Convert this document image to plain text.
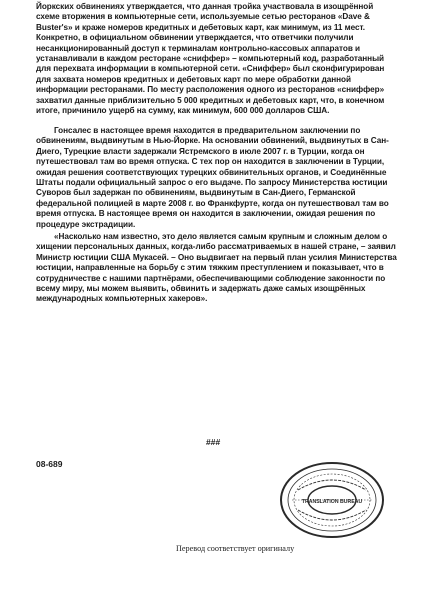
Йоркских обвинениях утверждается, что данная тройка участвовала в изощрённой схеме вторжения в компьютерные сети, используемые сетью ресторанов «Dave & Buster's» и краже номеров кредитных и дебетовых карт, как минимум, из 11 мест. Конкретно, в официальном обвинении утверждается, что ответчики получили несанкционированный доступ к терминалам контрольно-кассовых аппаратов и устанавливали в каждом ресторане «сниффер» – компьютерный код, разработанный для перехвата информации в компьютерной сети. «Сниффер» был сконфигурирован для захвата номеров кредитных и дебетовых карт по мере обработки данной информации ресторанами. По месту расположения одного из ресторанов «сниффер» захватил данные приблизительно 5 000 кредитных и дебетовых карт, что, в конечном итоге, причинило ущерб на сумму, как минимум, 600 000 долларов США.

Гонсалес в настоящее время находится в предварительном заключении по обвинениям, выдвинутым в Нью-Йорке. На основании обвинений, выдвинутых в Сан-Диего, Турецкие власти задержали Ястремского в июле 2007 г. в Турции, когда он путешествовал там во время отпуска. С тех пор он находится в заключении в Турции, ожидая решения соответствующих турецких обвинительных органов, и Соединённые Штаты подали официальный запрос о его выдаче. По запросу Министерства юстиции Суворов был задержан по обвинениям, выдвинутым в Сан-Диего, Германской федеральной полицией в марте 2008 г. во Франкфурте, когда он путешествовал там во время отпуска. В настоящее время он находится в заключении, ожидая решения по процедуре экстрадиции.

«Насколько нам известно, это дело является самым крупным и сложным делом о хищении персональных данных, когда-либо рассматриваемых в нашей стране, – заявил Министр юстиции США Мукасей. – Оно выдвигает на первый план усилия Министерства юстиции, направленные на борьбу с этим тяжким преступлением и показывает, что в сотрудничестве с нашими партнёрами, обеспечивающими соблюдение законности по всему миру, мы можем выявить, обвинить и задержать даже самых изощрённых международных компьютерных хакеров».

###
08-689
TRANSLATION BUREAU
Перевод соответствует оригиналу
